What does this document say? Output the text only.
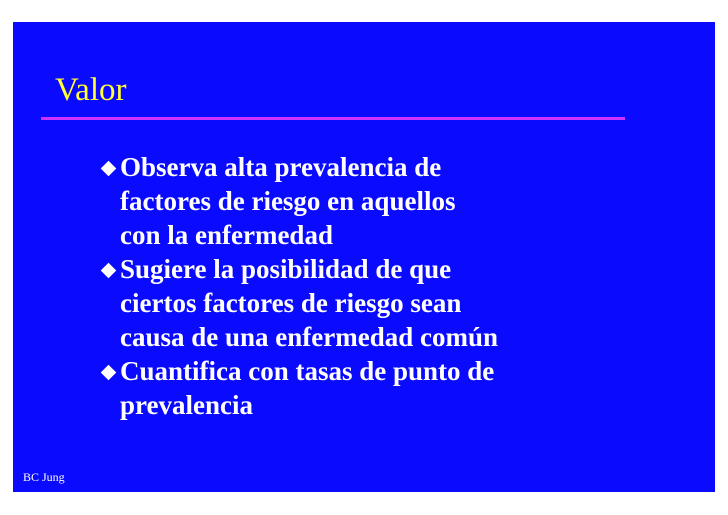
Valor
Observa alta prevalencia de
factores de riesgo en aquellos
con la enfermedad
Sugiere la posibilidad de que
ciertos factores de riesgo sean
causa de una enfermedad común
Cuantifica con tasas de punto de
prevalencia
BC Jung
